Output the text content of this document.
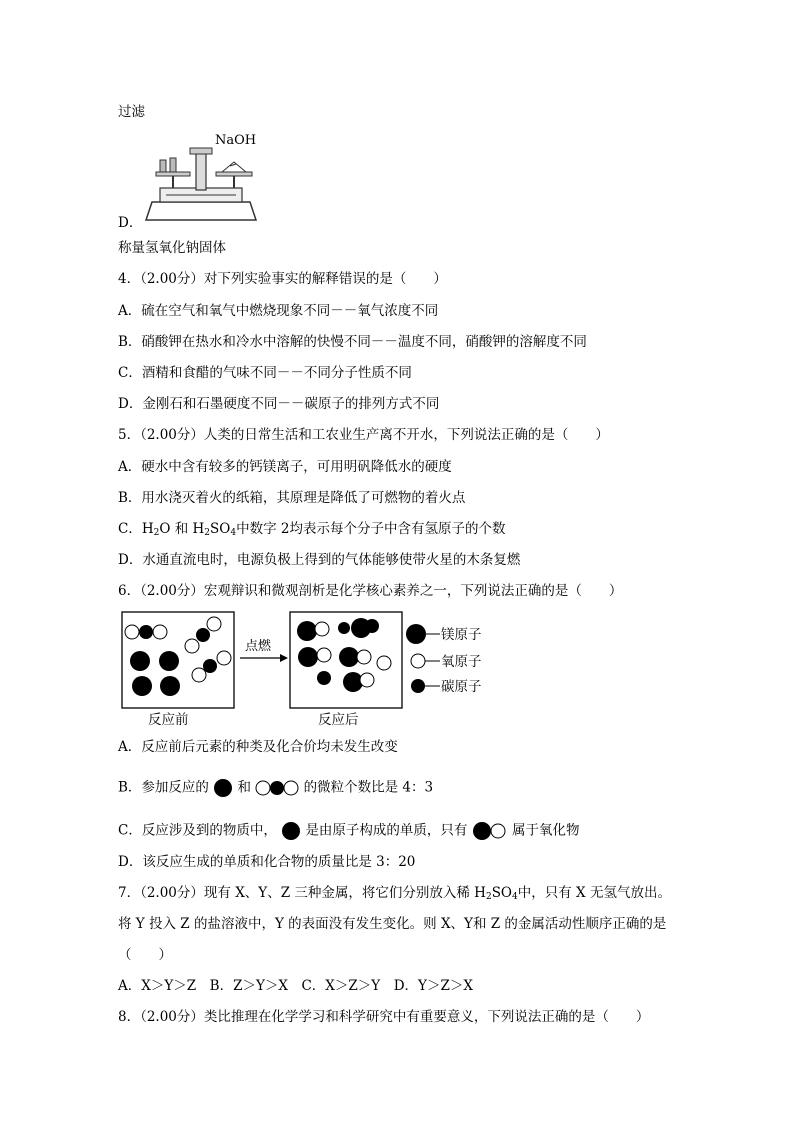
过滤
NaOH
D．
称量氢氧化钠固体
4．（2.00分）对下列实验事实的解释错误的是（　　）
A．硫在空气和氧气中燃烧现象不同－－氧气浓度不同
B．硝酸钾在热水和冷水中溶解的快慢不同－－温度不同，硝酸钾的溶解度不同
C．酒精和食醋的气味不同－－不同分子性质不同
D．金刚石和石墨硬度不同－－碳原子的排列方式不同
5．（2.00分）人类的日常生活和工农业生产离不开水，下列说法正确的是（　　）
A．硬水中含有较多的钙镁离子，可用明矾降低水的硬度
B．用水浇灭着火的纸箱，其原理是降低了可燃物的着火点
C．$H_2O$ 和 $H_2SO_4$中数字 2均表示每个分子中含有氢原子的个数
D．水通直流电时，电源负极上得到的气体能够使带火星的木条复燃
6．（2.00分）宏观辩识和微观剖析是化学核心素养之一，下列说法正确的是（　　）
点燃
镁原子
氧原子
碳原子
反应前	反应后
A．反应前后元素的种类及化合价均未发生改变
B．参加反应的 和	的微粒个数比是 4：3
C．反应涉及到的物质中， 是由原子构成的单质，只有	属于氧化物
D．该反应生成的单质和化合物的质量比是 3：20
7．（2.00分）现有 X、Y、Z 三种金属，将它们分别放入稀 $H_2SO_4$中，只有 X 无氢气放出。
将 Y 投入 Z 的盐溶液中，Y 的表面没有发生变化。则 X、Y和 Z 的金属活动性顺序正确的是
（　　）
A．X＞Y＞Z　B．Z＞Y＞X　C．X＞Z＞Y　D．Y＞Z＞X
8．（2.00分）类比推理在化学学习和科学研究中有重要意义，下列说法正确的是（　　）
